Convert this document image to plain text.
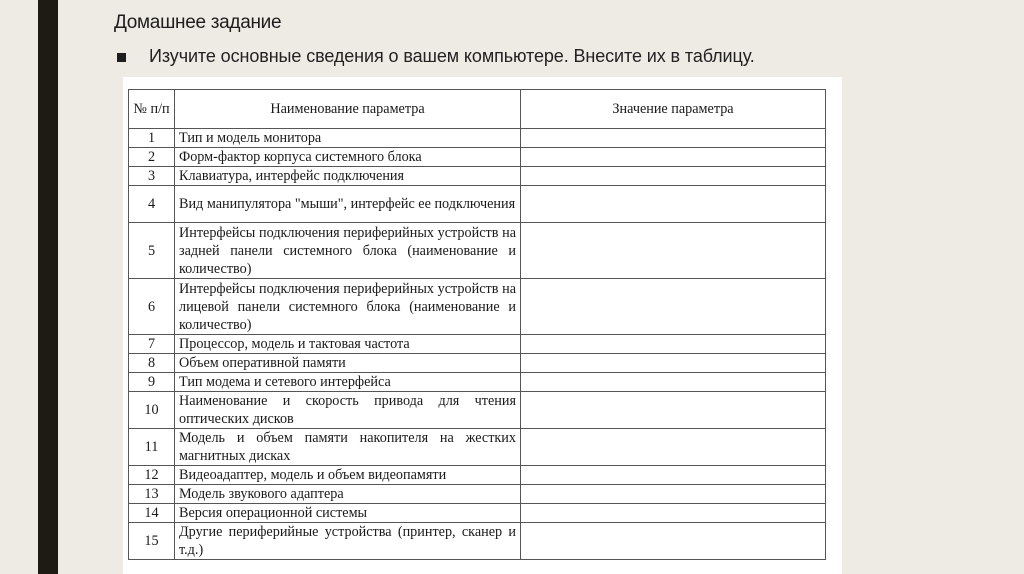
Домашнее задание
Изучите основные сведения о вашем компьютере. Внесите их в таблицу.
№ п/п	Наименование параметра	Значение параметра
1	Тип и модель монитора	
2	Форм-фактор корпуса системного блока	
3	Клавиатура, интерфейс подключения	
4	Вид манипулятора "мыши", интерфейс ее подключения	
5	Интерфейсы подключения периферийных устройств на задней панели системного блока (наименование и количество)	
6	Интерфейсы подключения периферийных устройств на лицевой панели системного блока (наименование и количество)	
7	Процессор, модель и тактовая частота	
8	Объем оперативной памяти	
9	Тип модема и сетевого интерфейса	
10	Наименование и скорость привода для чтения оптических дисков	
11	Модель и объем памяти накопителя на жестких магнитных дисках	
12	Видеоадаптер, модель и объем видеопамяти	
13	Модель звукового адаптера	
14	Версия операционной системы	
15	Другие периферийные устройства (принтер, сканер и т.д.)	
